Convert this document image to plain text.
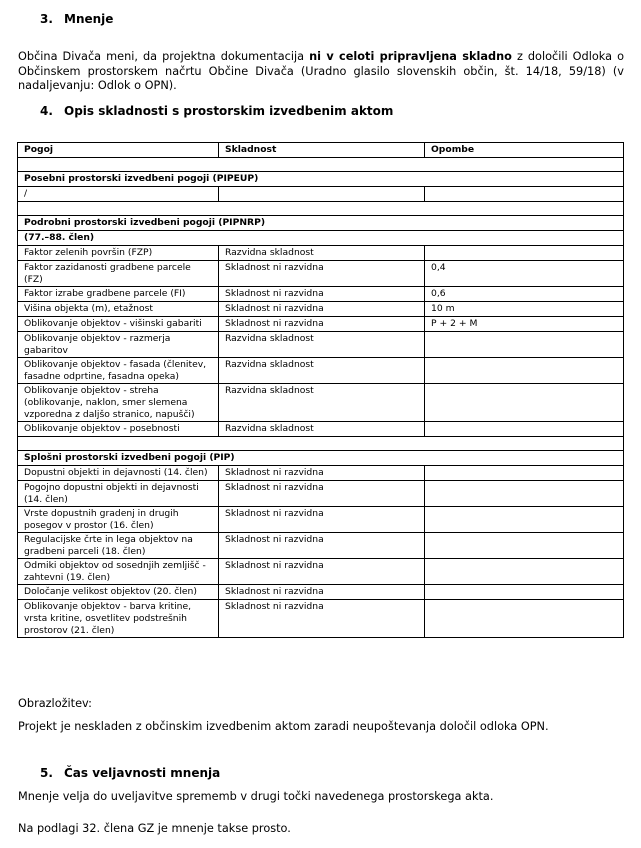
3. Mnenje
Občina Divača meni, da projektna dokumentacija ni v celoti pripravljena skladno z določili Odloka o Občinskem prostorskem načrtu Občine Divača (Uradno glasilo slovenskih občin, št. 14/18, 59/18) (v nadaljevanju: Odlok o OPN).
4. Opis skladnosti s prostorskim izvedbenim aktom
Pogoj	Skladnost	Opombe

Posebni prostorski izvedbeni pogoji (PIPEUP)		
/		

Podrobni prostorski izvedbeni pogoji (PIPNRP)		
(77.–88. člen)		
Faktor zelenih površin (FZP)	Razvidna skladnost	
Faktor zazidanosti gradbene parcele (FZ)	Skladnost ni razvidna	0,4
Faktor izrabe gradbene parcele (FI)	Skladnost ni razvidna	0,6
Višina objekta (m), etažnost	Skladnost ni razvidna	10 m
Oblikovanje objektov - višinski gabariti	Skladnost ni razvidna	P + 2 + M
Oblikovanje objektov - razmerja gabaritov	Razvidna skladnost	
Oblikovanje objektov - fasada (členitev, fasadne odprtine, fasadna opeka)	Razvidna skladnost	
Oblikovanje objektov - streha (oblikovanje, naklon, smer slemena vzporedna z daljšo stranico, napušči)	Razvidna skladnost	
Oblikovanje objektov - posebnosti	Razvidna skladnost	

Splošni prostorski izvedbeni pogoji (PIP)		
Dopustni objekti in dejavnosti (14. člen)	Skladnost ni razvidna	
Pogojno dopustni objekti in dejavnosti (14. člen)	Skladnost ni razvidna	
Vrste dopustnih gradenj in drugih posegov v prostor (16. člen)	Skladnost ni razvidna	
Regulacijske črte in lega objektov na gradbeni parceli (18. člen)	Skladnost ni razvidna	
Odmiki objektov od sosednjih zemljišč - zahtevni (19. člen)	Skladnost ni razvidna	
Določanje velikost objektov (20. člen)	Skladnost ni razvidna	
Oblikovanje objektov - barva kritine, vrsta kritine, osvetlitev podstrešnih prostorov (21. člen)	Skladnost ni razvidna	
Obrazložitev:
Projekt je neskladen z občinskim izvedbenim aktom zaradi neupoštevanja določil odloka OPN.
5. Čas veljavnosti mnenja
Mnenje velja do uveljavitve sprememb v drugi točki navedenega prostorskega akta.
Na podlagi 32. člena GZ je mnenje takse prosto.
